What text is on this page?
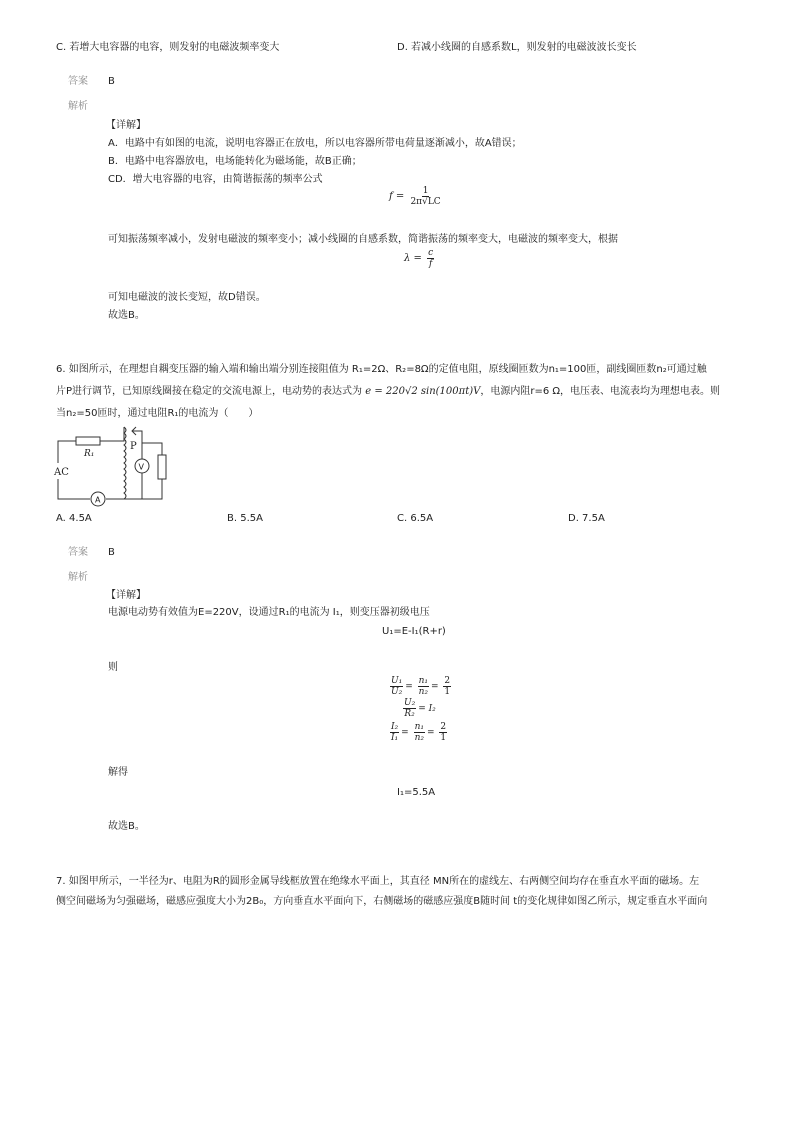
C. 若增大电容器的电容，则发射的电磁波频率变大	D. 若减小线圈的自感系数L，则发射的电磁波波长变长
答案 B
解析
【详解】
A．电路中有如图的电流，说明电容器正在放电，所以电容器所带电荷量逐渐减小，故A错误；
B．电路中电容器放电，电场能转化为磁场能，故B正确；
CD．增大电容器的电容，由简谐振荡的频率公式
$f = \frac{1}{2\pi√LC}$
可知振荡频率减小，发射电磁波的频率变小；减小线圈的自感系数，简谐振荡的频率变大，电磁波的频率变大，根据
$\lambda = \frac{c}{f}$
可知电磁波的波长变短，故D错误。
故选B。
6. 如图所示，在理想自耦变压器的输入端和输出端分别连接阻值为 R₁=2Ω、R₂=8Ω的定值电阻，原线圈匝数为n₁=100匝，副线圈匝数n₂可通过触
片P进行调节，已知原线圈接在稳定的交流电源上，电动势的表达式为 e = 220√2 sin(100πt)V，电源内阻r=6 Ω，电压表、电流表均为理想电表。则
当n₂=50匝时，通过电阻R₁的电流为（　　）
AC
R₁
P
V
A
A. 4.5A	B. 5.5A	C. 6.5A	D. 7.5A
答案 B
解析
【详解】
电源电动势有效值为E=220V，设通过R₁的电流为 I₁，则变压器初级电压
U₁=E-I₁(R+r)
则
$\frac{\text{U₁}}{\text{U₂}} = \frac{\text{n₁}}{\text{n₂}} = \frac{2}{1}$
$\frac{\text{U₂}}{\text{R₂}} = I_2$
$\frac{\text{I₂}}{\text{I₁}} = \frac{\text{n₁}}{\text{n₂}} = \frac{2}{1}$
解得
I₁=5.5A
故选B。
7. 如图甲所示，一半径为r、电阻为R的圆形金属导线框放置在绝缘水平面上，其直径 MN所在的虚线左、右两侧空间均存在垂直水平面的磁场。左
侧空间磁场为匀强磁场，磁感应强度大小为2B₀，方向垂直水平面向下，右侧磁场的磁感应强度B随时间 t的变化规律如图乙所示，规定垂直水平面向
